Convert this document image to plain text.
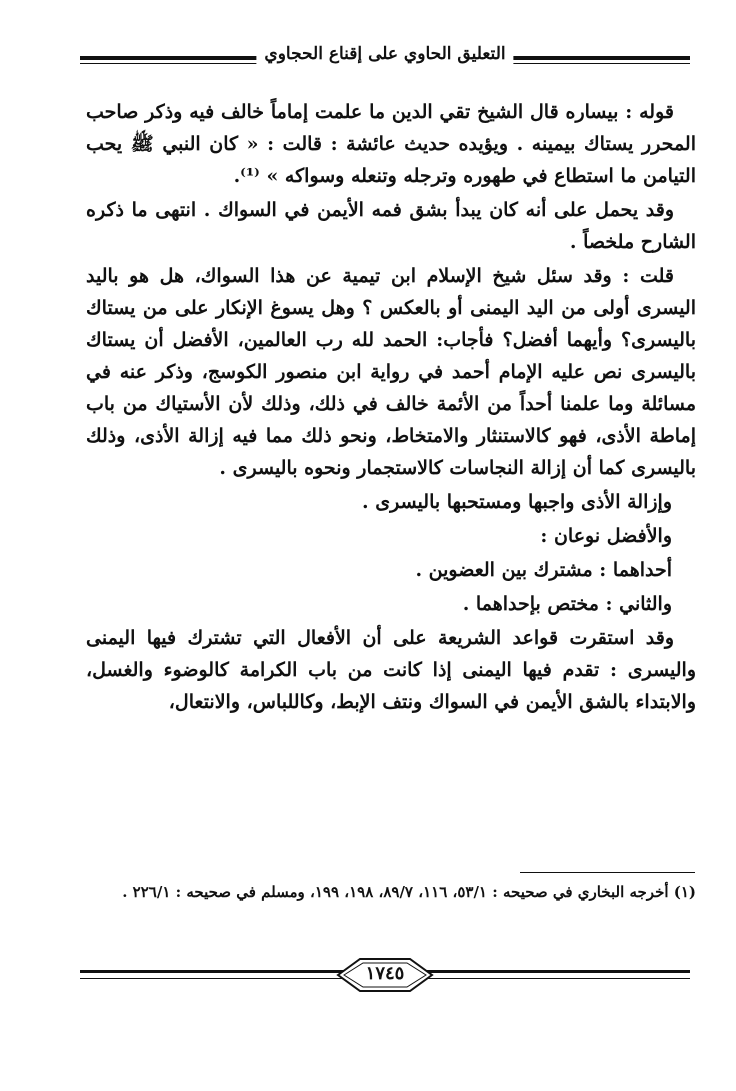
التعليق الحاوي على إقناع الحجاوي

قوله : بيساره قال الشيخ تقي الدين ما علمت إماماً خالف فيه وذكر صاحب المحرر يستاك بيمينه . ويؤيده حديث عائشة : قالت : « كان النبي ﷺ يحب التيامن ما استطاع في طهوره وترجله وتنعله وسواكه » ⁽¹⁾.

وقد يحمل على أنه كان يبدأ بشق فمه الأيمن في السواك . انتهى ما ذكره الشارح ملخصاً .

قلت : وقد سئل شيخ الإسلام ابن تيمية عن هذا السواك، هل هو باليد اليسرى أولى من اليد اليمنى أو بالعكس ؟ وهل يسوغ الإنكار على من يستاك باليسرى؟ وأيهما أفضل؟ فأجاب: الحمد لله رب العالمين، الأفضل أن يستاك باليسرى نص عليه الإمام أحمد في رواية ابن منصور الكوسج، وذكر عنه في مسائلة وما علمنا أحداً من الأئمة خالف في ذلك، وذلك لأن الأستياك من باب إماطة الأذى، فهو كالاستنثار والامتخاط، ونحو ذلك مما فيه إزالة الأذى، وذلك باليسرى كما أن إزالة النجاسات كالاستجمار ونحوه باليسرى .

وإزالة الأذى واجبها ومستحبها باليسرى .

والأفضل نوعان :

أحداهما : مشترك بين العضوين .

والثاني : مختص بإحداهما .

وقد استقرت قواعد الشريعة على أن الأفعال التي تشترك فيها اليمنى واليسرى : تقدم فيها اليمنى إذا كانت من باب الكرامة كالوضوء والغسل، والابتداء بالشق الأيمن في السواك ونتف الإبط، وكاللباس، والانتعال،

(١) أخرجه البخاري في صحيحه : ٥٣/١، ١١٦، ٨٩/٧، ١٩٨، ١٩٩، ومسلم في صحيحه : ٢٢٦/١ .
١٧٤٥
